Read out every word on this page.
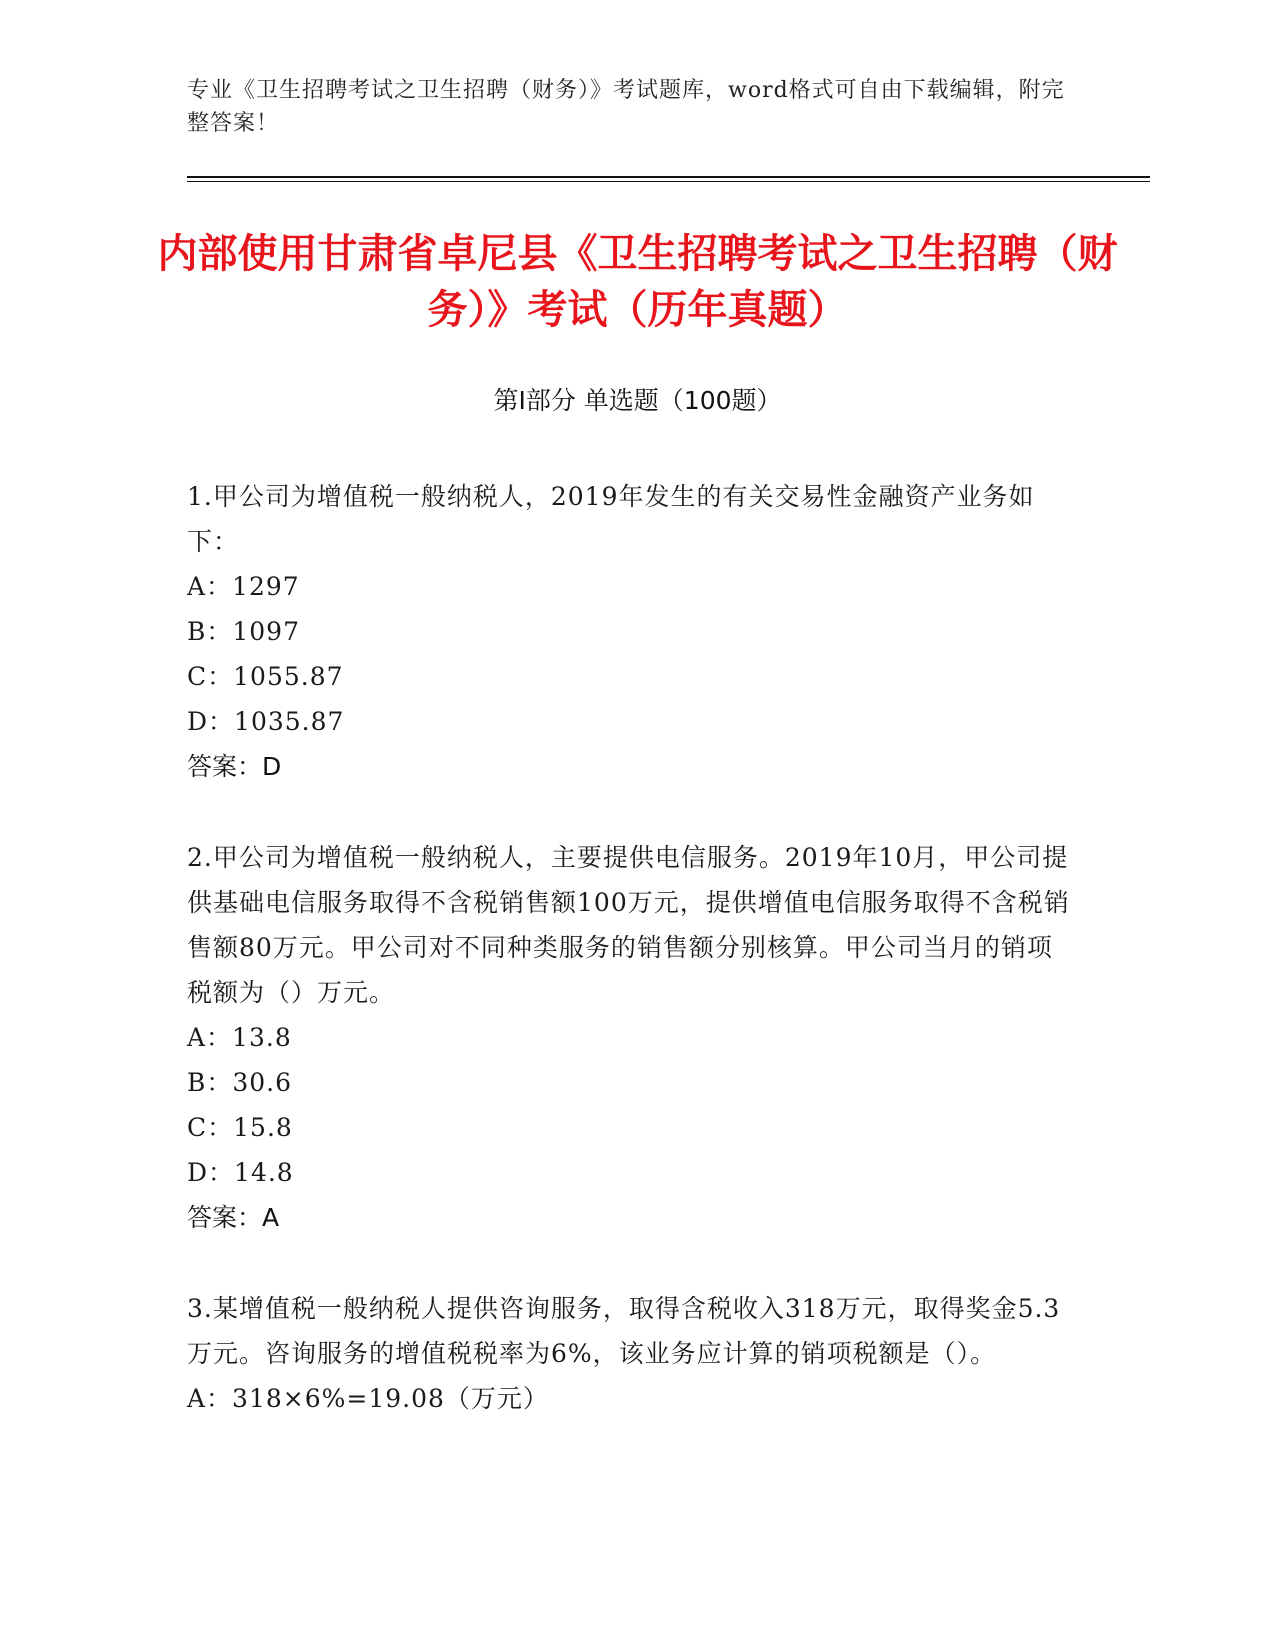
专业《卫生招聘考试之卫生招聘（财务）》考试题库，word格式可自由下载编辑，附完整答案！
内部使用甘肃省卓尼县《卫生招聘考试之卫生招聘（财务）》考试（历年真题）
第Ⅰ部分 单选题（100题）
1.甲公司为增值税一般纳税人，2019年发生的有关交易性金融资产业务如下：
A：1297
B：1097
C：1055.87
D：1035.87
答案：D
2.甲公司为增值税一般纳税人，主要提供电信服务。2019年10月，甲公司提供基础电信服务取得不含税销售额100万元，提供增值电信服务取得不含税销售额80万元。甲公司对不同种类服务的销售额分别核算。甲公司当月的销项税额为（）万元。
A：13.8
B：30.6
C：15.8
D：14.8
答案：A
3.某增值税一般纳税人提供咨询服务，取得含税收入318万元，取得奖金5.3万元。咨询服务的增值税税率为6%，该业务应计算的销项税额是（）。
A：318×6%=19.08（万元）
